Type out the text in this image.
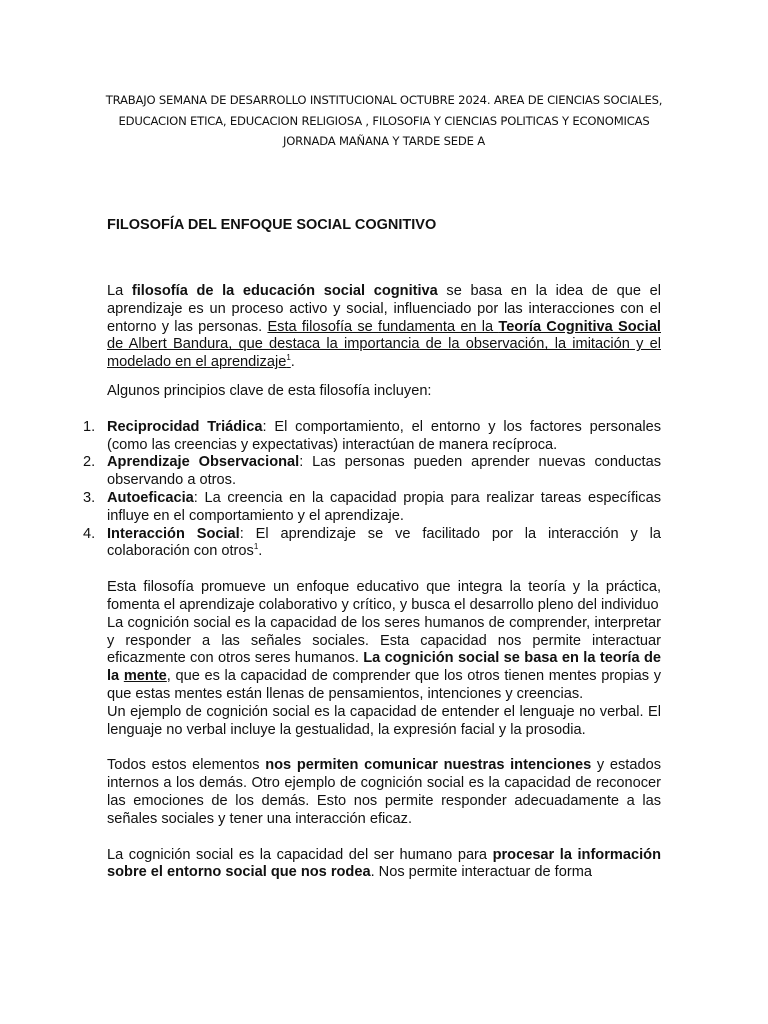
TRABAJO SEMANA DE DESARROLLO INSTITUCIONAL OCTUBRE 2024. AREA DE CIENCIAS SOCIALES,
EDUCACION ETICA, EDUCACION RELIGIOSA , FILOSOFIA Y CIENCIAS POLITICAS Y ECONOMICAS
JORNADA MAÑANA Y TARDE SEDE A
FILOSOFÍA DEL ENFOQUE SOCIAL COGNITIVO

La filosofía de la educación social cognitiva se basa en la idea de que el aprendizaje es un proceso activo y social, influenciado por las interacciones con el entorno y las personas. Esta filosofía se fundamenta en la Teoría Cognitiva Social de Albert Bandura, que destaca la importancia de la observación, la imitación y el modelado en el aprendizaje$^1$.

Algunos principios clave de esta filosofía incluyen:

1. Reciprocidad Triádica: El comportamiento, el entorno y los factores personales (como las creencias y expectativas) interactúan de manera recíproca.
2. Aprendizaje Observacional: Las personas pueden aprender nuevas conductas observando a otros.
3. Autoeficacia: La creencia en la capacidad propia para realizar tareas específicas influye en el comportamiento y el aprendizaje.
4. Interacción Social: El aprendizaje se ve facilitado por la interacción y la colaboración con otros$^1$.

Esta filosofía promueve un enfoque educativo que integra la teoría y la práctica, fomenta el aprendizaje colaborativo y crítico, y busca el desarrollo pleno del individuo

La cognición social es la capacidad de los seres humanos de comprender, interpretar y responder a las señales sociales. Esta capacidad nos permite interactuar eficazmente con otros seres humanos. La cognición social se basa en la teoría de la mente, que es la capacidad de comprender que los otros tienen mentes propias y que estas mentes están llenas de pensamientos, intenciones y creencias.

Un ejemplo de cognición social es la capacidad de entender el lenguaje no verbal. El lenguaje no verbal incluye la gestualidad, la expresión facial y la prosodia.

Todos estos elementos nos permiten comunicar nuestras intenciones y estados internos a los demás. Otro ejemplo de cognición social es la capacidad de reconocer las emociones de los demás. Esto nos permite responder adecuadamente a las señales sociales y tener una interacción eficaz.

La cognición social es la capacidad del ser humano para procesar la información sobre el entorno social que nos rodea. Nos permite interactuar de forma
